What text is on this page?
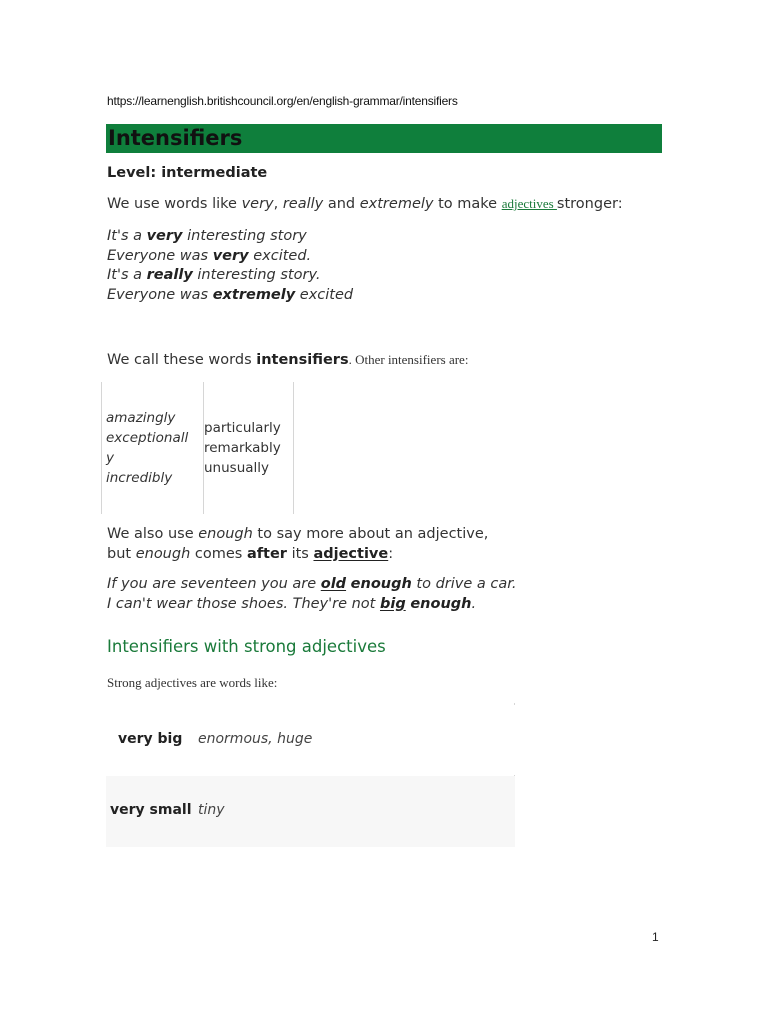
https://learnenglish.britishcouncil.org/en/english-grammar/intensifiers
Intensifiers
Level: intermediate
We use words like very, really and extremely to make adjectives stronger:
It's a very interesting story
Everyone was very excited.
It's a really interesting story.
Everyone was extremely excited
We call these words intensifiers. Other intensifiers are:
amazingly
exceptionall
y
incredibly
particularly
remarkably
unusually
We also use enough to say more about an adjective,
but enough comes after its adjective:
If you are seventeen you are old enough to drive a car.
I can't wear those shoes. They're not big enough.
Intensifiers with strong adjectives
Strong adjectives are words like:
very big enormous, huge
very small tiny
1
